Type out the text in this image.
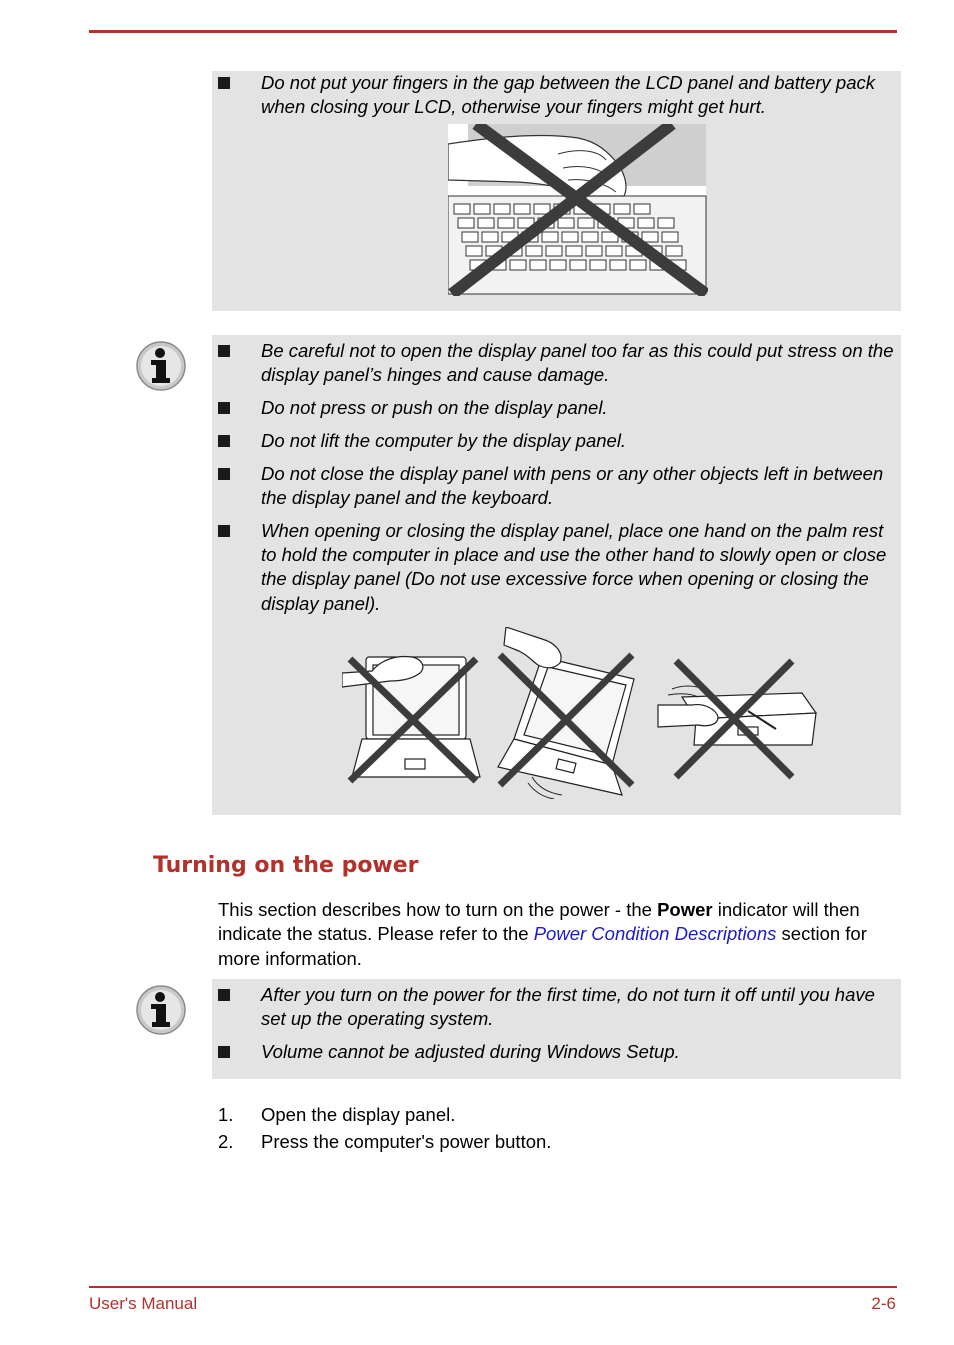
Do not put your fingers in the gap between the LCD panel and battery pack when closing your LCD, otherwise your fingers might get hurt.
Be careful not to open the display panel too far as this could put stress on the display panel’s hinges and cause damage.
Do not press or push on the display panel.
Do not lift the computer by the display panel.
Do not close the display panel with pens or any other objects left in between the display panel and the keyboard.
When opening or closing the display panel, place one hand on the palm rest to hold the computer in place and use the other hand to slowly open or close the display panel (Do not use excessive force when opening or closing the display panel).
Turning on the power

This section describes how to turn on the power - the Power indicator will then indicate the status. Please refer to the Power Condition Descriptions section for more information.

After you turn on the power for the first time, do not turn it off until you have set up the operating system.
Volume cannot be adjusted during Windows Setup.
1. Open the display panel.
2. Press the computer's power button.
User's Manual	2-6
